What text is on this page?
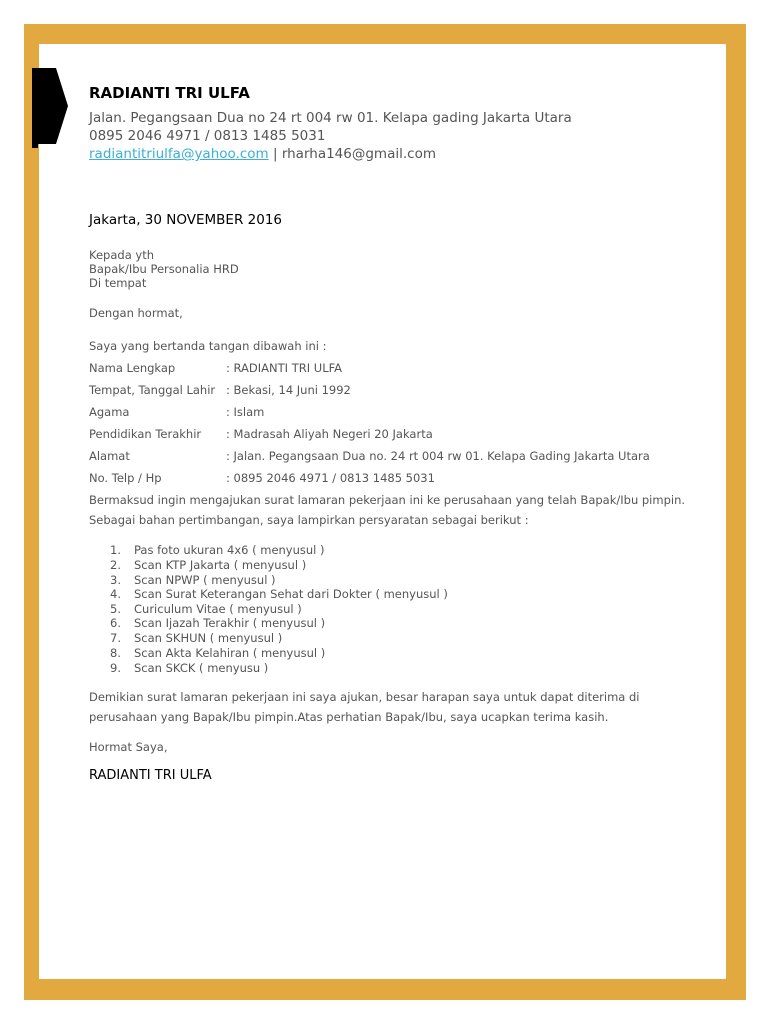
RADIANTI TRI ULFA
Jalan. Pegangsaan Dua no 24 rt 004 rw 01. Kelapa gading Jakarta Utara
0895 2046 4971 / 0813 1485 5031
radiantitriulfa@yahoo.com | rharha146@gmail.com
Jakarta, 30 NOVEMBER 2016
Kepada yth
Bapak/Ibu Personalia HRD
Di tempat
Dengan hormat,
Saya yang bertanda tangan dibawah ini :
Nama Lengkap	: RADIANTI TRI ULFA
Tempat, Tanggal Lahir : Bekasi, 14 Juni 1992
Agama	: Islam
Pendidikan Terakhir : Madrasah Aliyah Negeri 20 Jakarta
Alamat	: Jalan. Pegangsaan Dua no. 24 rt 004 rw 01. Kelapa Gading Jakarta Utara
No. Telp / Hp	: 0895 2046 4971 / 0813 1485 5031
Bermaksud ingin mengajukan surat lamaran pekerjaan ini ke perusahaan yang telah Bapak/Ibu pimpin.
Sebagai bahan pertimbangan, saya lampirkan persyaratan sebagai berikut :
1. Pas foto ukuran 4x6 ( menyusul )
2. Scan KTP Jakarta ( menyusul )
3. Scan NPWP ( menyusul )
4. Scan Surat Keterangan Sehat dari Dokter ( menyusul )
5. Curiculum Vitae ( menyusul )
6. Scan Ijazah Terakhir ( menyusul )
7. Scan SKHUN ( menyusul )
8. Scan Akta Kelahiran ( menyusul )
9. Scan SKCK ( menyusu )
Demikian surat lamaran pekerjaan ini saya ajukan, besar harapan saya untuk dapat diterima di
perusahaan yang Bapak/Ibu pimpin.Atas perhatian Bapak/Ibu, saya ucapkan terima kasih.
Hormat Saya,
RADIANTI TRI ULFA
